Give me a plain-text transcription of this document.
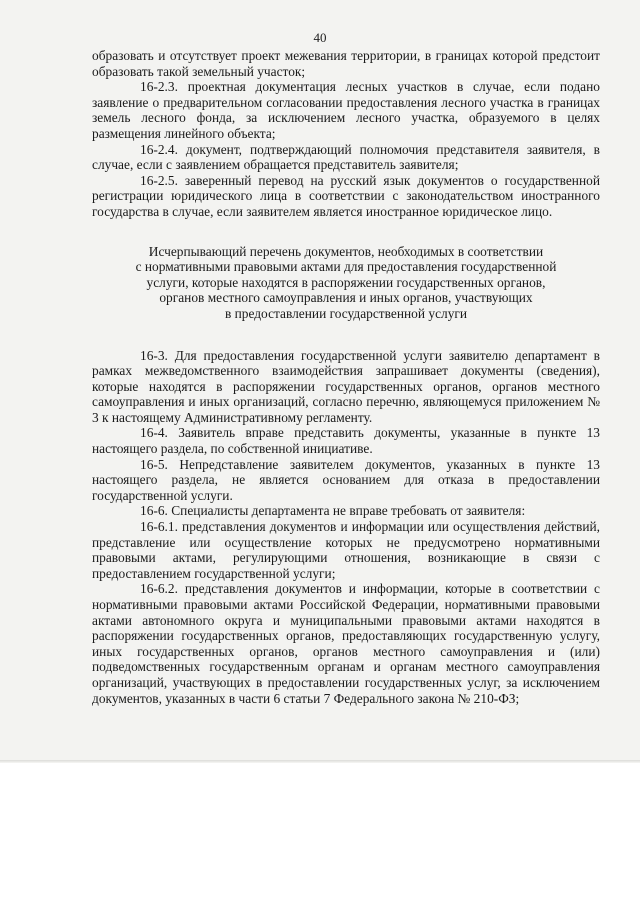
40

образовать и отсутствует проект межевания территории, в границах которой предстоит образовать такой земельный участок;

16-2.3. проектная документация лесных участков в случае, если подано заявление о предварительном согласовании предоставления лесного участка в границах земель лесного фонда, за исключением лесного участка, образуемого в целях размещения линейного объекта;

16-2.4. документ, подтверждающий полномочия представителя заявителя, в случае, если с заявлением обращается представитель заявителя;

16-2.5. заверенный перевод на русский язык документов о государственной регистрации юридического лица в соответствии с законодательством иностранного государства в случае, если заявителем является иностранное юридическое лицо.

Исчерпывающий перечень документов, необходимых в соответствии
с нормативными правовыми актами для предоставления государственной
услуги, которые находятся в распоряжении государственных органов,
органов местного самоуправления и иных органов, участвующих
в предоставлении государственной услуги

16-3. Для предоставления государственной услуги заявителю департамент в рамках межведомственного взаимодействия запрашивает документы (сведения), которые находятся в распоряжении государственных органов, органов местного самоуправления и иных организаций, согласно перечню, являющемуся приложением № 3 к настоящему Административному регламенту.

16-4. Заявитель вправе представить документы, указанные в пункте 13 настоящего раздела, по собственной инициативе.

16-5. Непредставление заявителем документов, указанных в пункте 13 настоящего раздела, не является основанием для отказа в предоставлении государственной услуги.

16-6. Специалисты департамента не вправе требовать от заявителя:

16-6.1. представления документов и информации или осуществления действий, представление или осуществление которых не предусмотрено нормативными правовыми актами, регулирующими отношения, возникающие в связи с предоставлением государственной услуги;

16-6.2. представления документов и информации, которые в соответствии с нормативными правовыми актами Российской Федерации, нормативными правовыми актами автономного округа и муниципальными правовыми актами находятся в распоряжении государственных органов, предоставляющих государственную услугу, иных государственных органов, органов местного самоуправления и (или) подведомственных государственным органам и органам местного самоуправления организаций, участвующих в предоставлении государственных услуг, за исключением документов, указанных в части 6 статьи 7 Федерального закона № 210-ФЗ;
